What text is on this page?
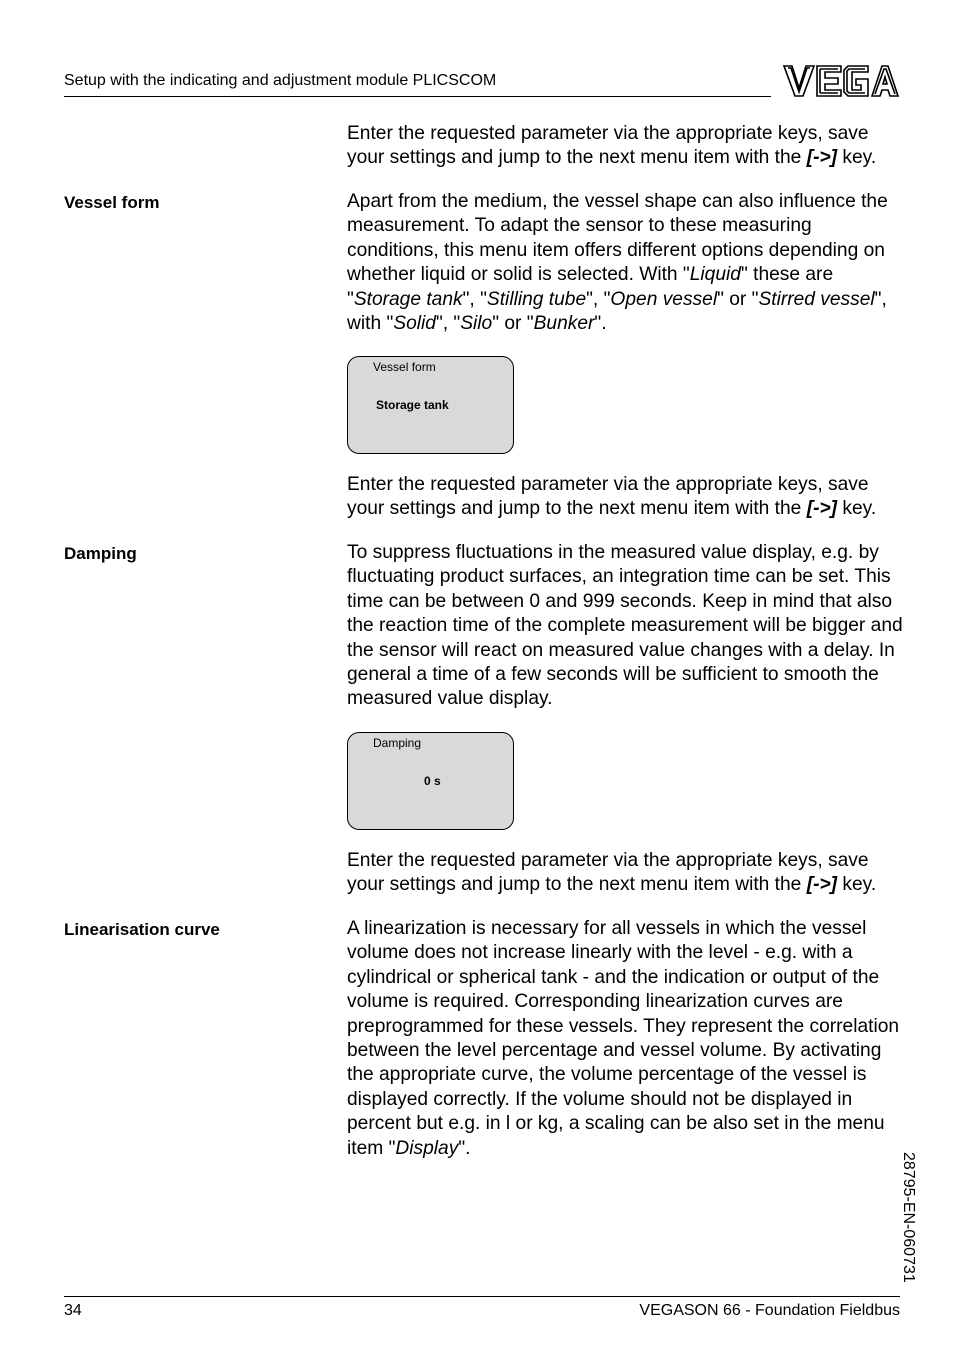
Setup with the indicating and adjustment module PLICSCOM
Enter the requested parameter via the appropriate keys, save your settings and jump to the next menu item with the [->] key.
Vessel form	Apart from the medium, the vessel shape can also influence the measurement. To adapt the sensor to these measuring conditions, this menu item offers different options depending on whether liquid or solid is selected. With "Liquid" these are "Storage tank", "Stilling tube", "Open vessel" or "Stirred vessel", with "Solid", "Silo" or "Bunker".
Vessel form
Storage tank
Enter the requested parameter via the appropriate keys, save your settings and jump to the next menu item with the [->] key.
Damping	To suppress fluctuations in the measured value display, e.g. by fluctuating product surfaces, an integration time can be set. This time can be between 0 and 999 seconds. Keep in mind that also the reaction time of the complete measurement will be bigger and the sensor will react on measured value changes with a delay. In general a time of a few seconds will be sufficient to smooth the measured value display.
Damping
0 s
Enter the requested parameter via the appropriate keys, save your settings and jump to the next menu item with the [->] key.
Linearisation curve	A linearization is necessary for all vessels in which the vessel volume does not increase linearly with the level - e.g. with a cylindrical or spherical tank - and the indication or output of the volume is required. Corresponding linearization curves are preprogrammed for these vessels. They represent the correlation between the level percentage and vessel volume. By activating the appropriate curve, the volume percentage of the vessel is displayed correctly. If the volume should not be displayed in percent but e.g. in l or kg, a scaling can be also set in the menu item "Display".
28795-EN-060731
34	VEGASON 66 - Foundation Fieldbus
